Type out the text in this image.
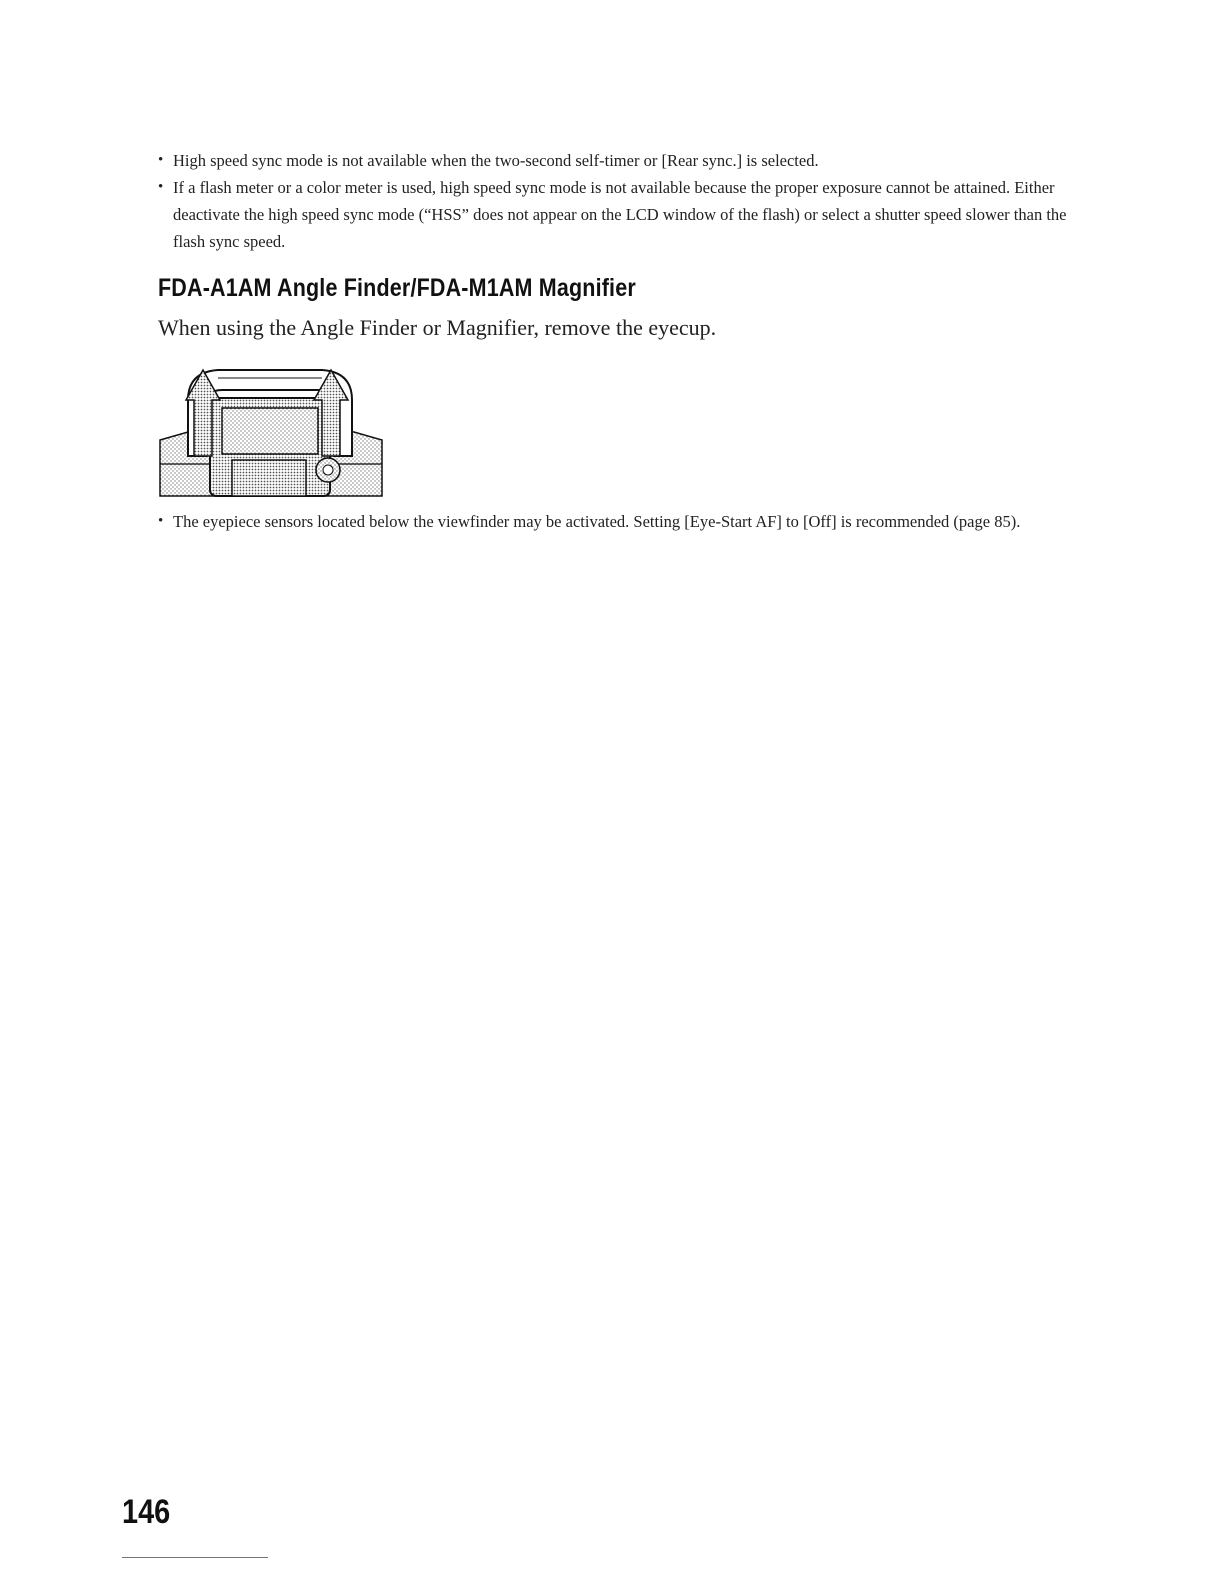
• High speed sync mode is not available when the two-second self-timer or [Rear sync.] is selected.
• If a flash meter or a color meter is used, high speed sync mode is not available because the proper exposure cannot be attained. Either deactivate the high speed sync mode (“HSS” does not appear on the LCD window of the flash) or select a shutter speed slower than the flash sync speed.
FDA-A1AM Angle Finder/FDA-M1AM Magnifier

When using the Angle Finder or Magnifier, remove the eyecup.

• The eyepiece sensors located below the viewfinder may be activated. Setting [Eye-Start AF] to [Off] is recommended (page 85).

146
